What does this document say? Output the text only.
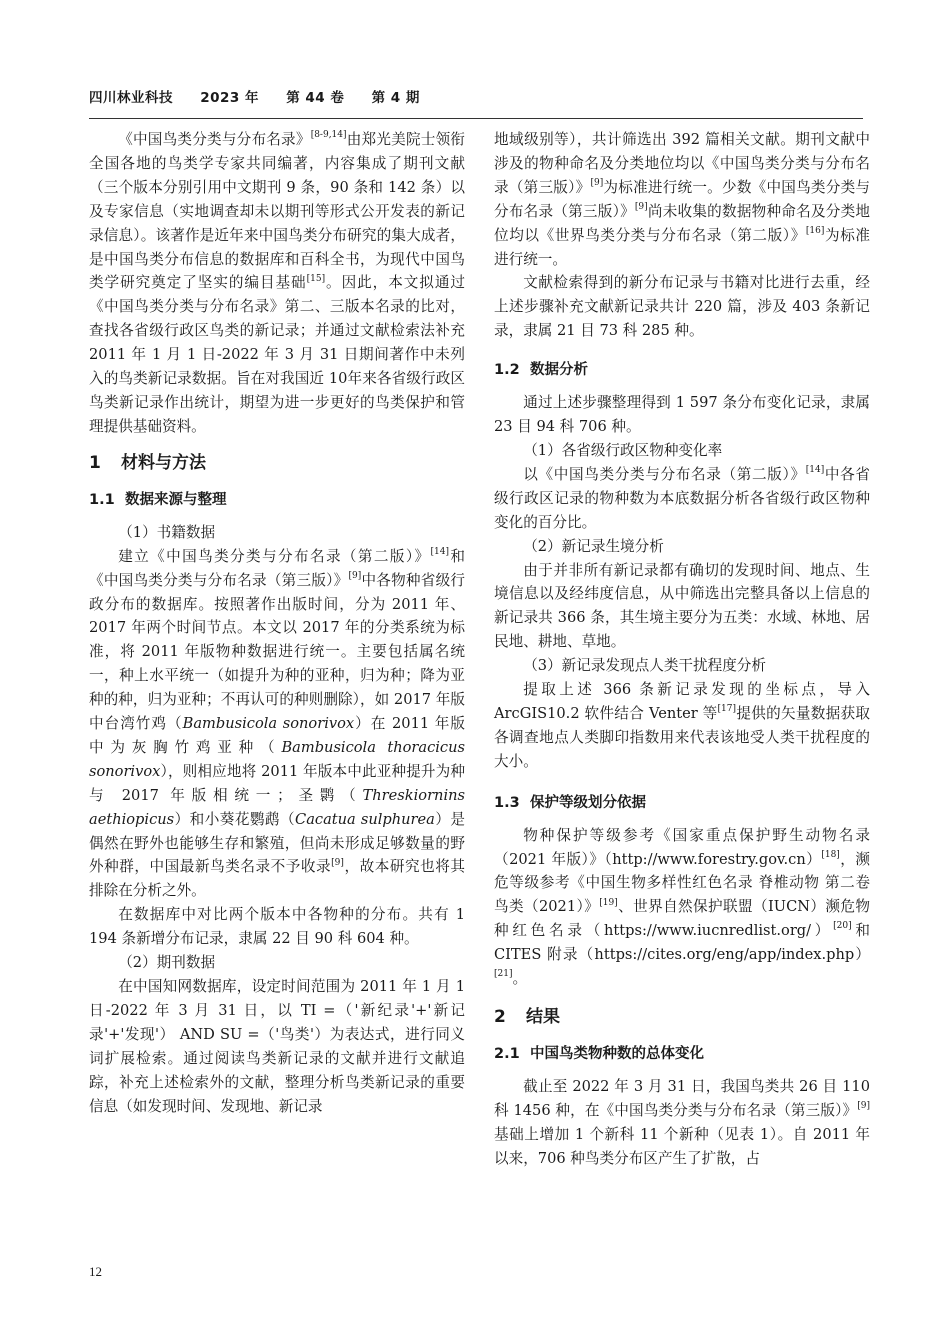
四川林业科技 2023 年 第 44 卷 第 4 期

《中国鸟类分类与分布名录》[8-9,14]由郑光美院士领衔全国各地的鸟类学专家共同编著，内容集成了期刊文献（三个版本分别引用中文期刊 9 条，90 条和 142 条）以及专家信息（实地调查却未以期刊等形式公开发表的新记录信息）。该著作是近年来中国鸟类分布研究的集大成者，是中国鸟类分布信息的数据库和百科全书，为现代中国鸟类学研究奠定了坚实的编目基础[15]。因此，本文拟通过《中国鸟类分类与分布名录》第二、三版本名录的比对，查找各省级行政区鸟类的新记录；并通过文献检索法补充 2011 年 1 月 1 日-2022 年 3 月 31 日期间著作中未列入的鸟类新记录数据。旨在对我国近 10年来各省级行政区鸟类新记录作出统计，期望为进一步更好的鸟类保护和管理提供基础资料。

1 材料与方法
1.1 数据来源与整理

（1）书籍数据

建立《中国鸟类分类与分布名录（第二版）》[14]和《中国鸟类分类与分布名录（第三版）》[9]中各物种省级行政分布的数据库。按照著作出版时间，分为 2011 年、2017 年两个时间节点。本文以 2017 年的分类系统为标准，将 2011 年版物种数据进行统一。主要包括属名统一，种上水平统一（如提升为种的亚种，归为种；降为亚种的种，归为亚种；不再认可的种则删除），如 2017 年版中台湾竹鸡（Bambusicola sonorivox）在 2011 年版中为灰胸竹鸡亚种（Bambusicola thoracicus sonorivox），则相应地将 2011 年版本中此亚种提升为种与 2017 年版相统一；圣鹮（Threskiornins aethiopicus）和小葵花鹦鹉（Cacatua sulphurea）是偶然在野外也能够生存和繁殖，但尚未形成足够数量的野外种群，中国最新鸟类名录不予收录[9]，故本研究也将其排除在分析之外。

在数据库中对比两个版本中各物种的分布。共有 1 194 条新增分布记录，隶属 22 目 90 科 604 种。

（2）期刊数据

在中国知网数据库，设定时间范围为 2011 年 1 月 1 日-2022 年 3 月 31 日，以 TI =（'新纪录'+'新记录'+'发现'） AND SU =（'鸟类'）为表达式，进行同义词扩展检索。通过阅读鸟类新记录的文献并进行文献追踪，补充上述检索外的文献，整理分析鸟类新记录的重要信息（如发现时间、发现地、新记录

地域级别等），共计筛选出 392 篇相关文献。期刊文献中涉及的物种命名及分类地位均以《中国鸟类分类与分布名录（第三版）》[9]为标准进行统一。少数《中国鸟类分类与分布名录（第三版）》[9]尚未收集的数据物种命名及分类地位均以《世界鸟类分类与分布名录（第二版）》[16]为标准进行统一。

文献检索得到的新分布记录与书籍对比进行去重，经上述步骤补充文献新记录共计 220 篇，涉及 403 条新记录，隶属 21 目 73 科 285 种。

1.2 数据分析

通过上述步骤整理得到 1 597 条分布变化记录，隶属 23 目 94 科 706 种。

（1）各省级行政区物种变化率

以《中国鸟类分类与分布名录（第二版）》[14]中各省级行政区记录的物种数为本底数据分析各省级行政区物种变化的百分比。

（2）新记录生境分析

由于并非所有新记录都有确切的发现时间、地点、生境信息以及经纬度信息，从中筛选出完整具备以上信息的新记录共 366 条，其生境主要分为五类：水域、林地、居民地、耕地、草地。

（3）新记录发现点人类干扰程度分析

提取上述 366 条新记录发现的坐标点，导入 ArcGIS10.2 软件结合 Venter 等[17]提供的矢量数据获取各调查地点人类脚印指数用来代表该地受人类干扰程度的大小。

1.3 保护等级划分依据

物种保护等级参考《国家重点保护野生动物名录（2021 年版）》（http://www.forestry.gov.cn）[18]，濒危等级参考《中国生物多样性红色名录 脊椎动物 第二卷 鸟类（2021）》[19]、世界自然保护联盟（IUCN）濒危物种红色名录（https://www.iucnredlist.org/）[20]和CITES 附录（https://cites.org/eng/app/index.php）[21]。

2 结果
2.1 中国鸟类物种数的总体变化

截止至 2022 年 3 月 31 日，我国鸟类共 26 目 110 科 1456 种，在《中国鸟类分类与分布名录（第三版）》[9]基础上增加 1 个新科 11 个新种（见表 1）。自 2011 年以来，706 种鸟类分布区产生了扩散，占

12
